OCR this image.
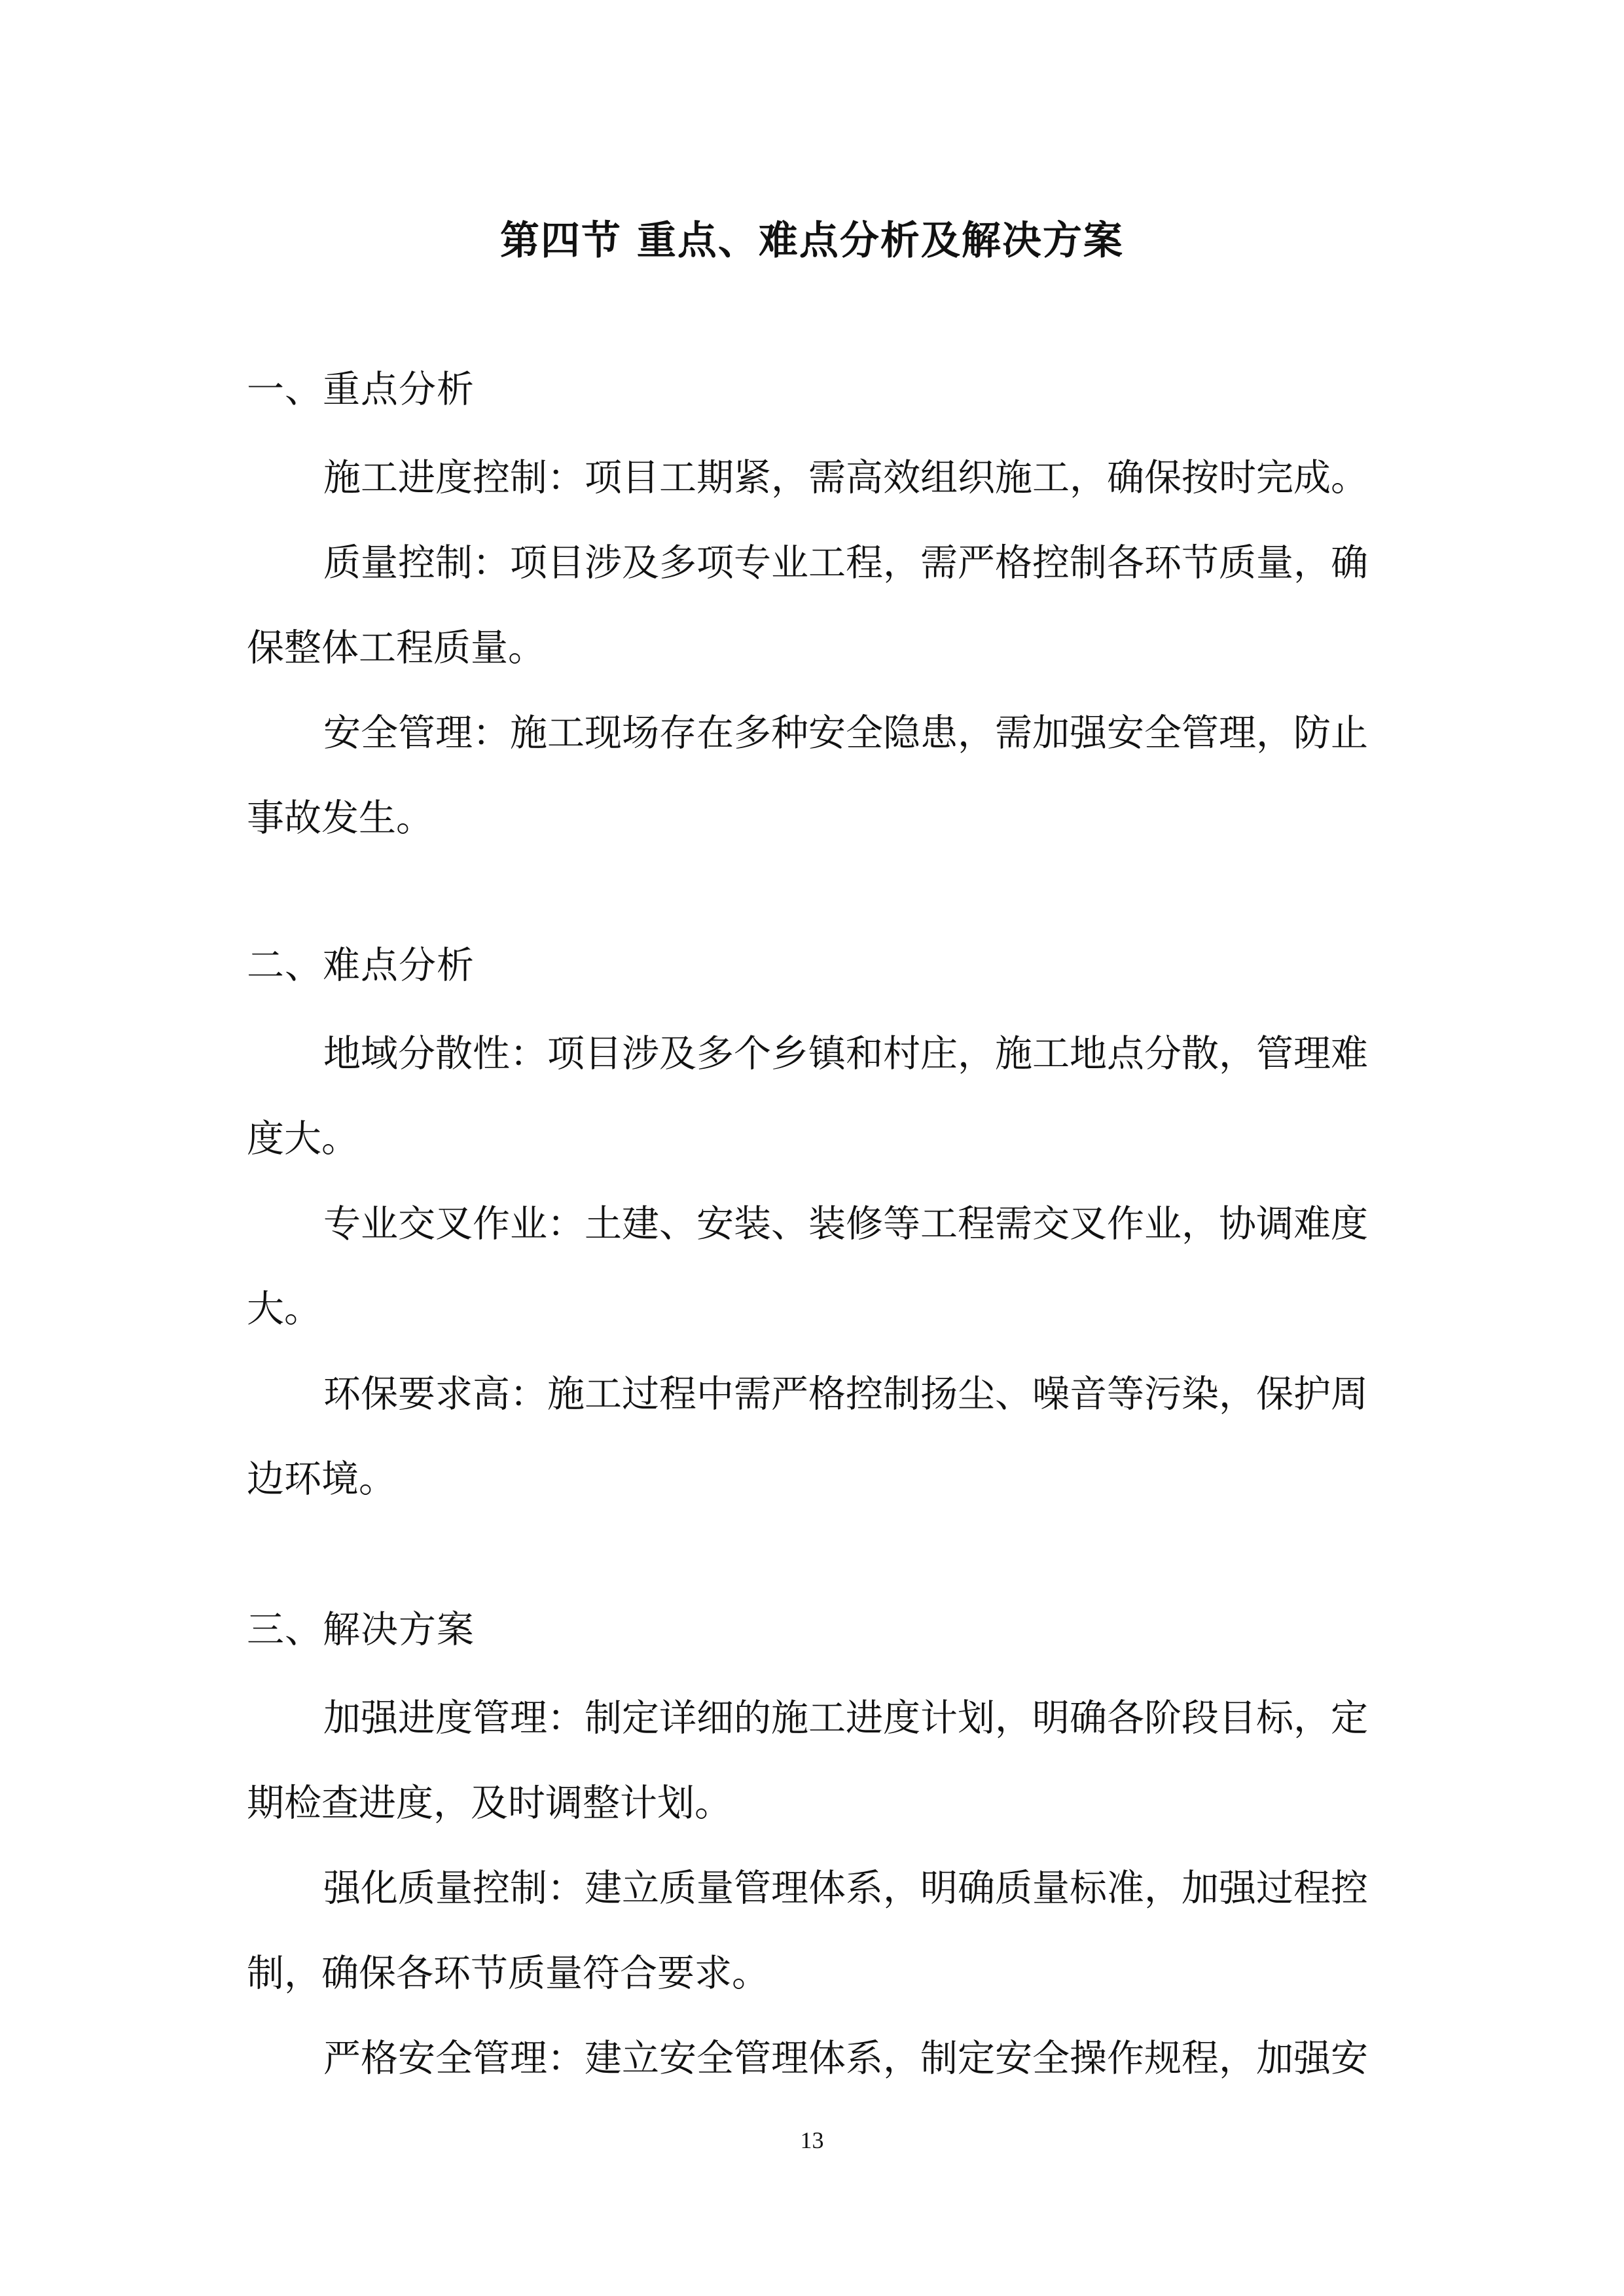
第四节 重点、难点分析及解决方案
一、重点分析
施工进度控制：项目工期紧，需高效组织施工，确保按时完成。
质量控制：项目涉及多项专业工程，需严格控制各环节质量，确保整体工程质量。
安全管理：施工现场存在多种安全隐患，需加强安全管理，防止事故发生。
二、难点分析
地域分散性：项目涉及多个乡镇和村庄，施工地点分散，管理难度大。
专业交叉作业：土建、安装、装修等工程需交叉作业，协调难度大。
环保要求高：施工过程中需严格控制扬尘、噪音等污染，保护周边环境。
三、解决方案
加强进度管理：制定详细的施工进度计划，明确各阶段目标，定期检查进度，及时调整计划。
强化质量控制：建立质量管理体系，明确质量标准，加强过程控制，确保各环节质量符合要求。
严格安全管理：建立安全管理体系，制定安全操作规程，加强安
13
